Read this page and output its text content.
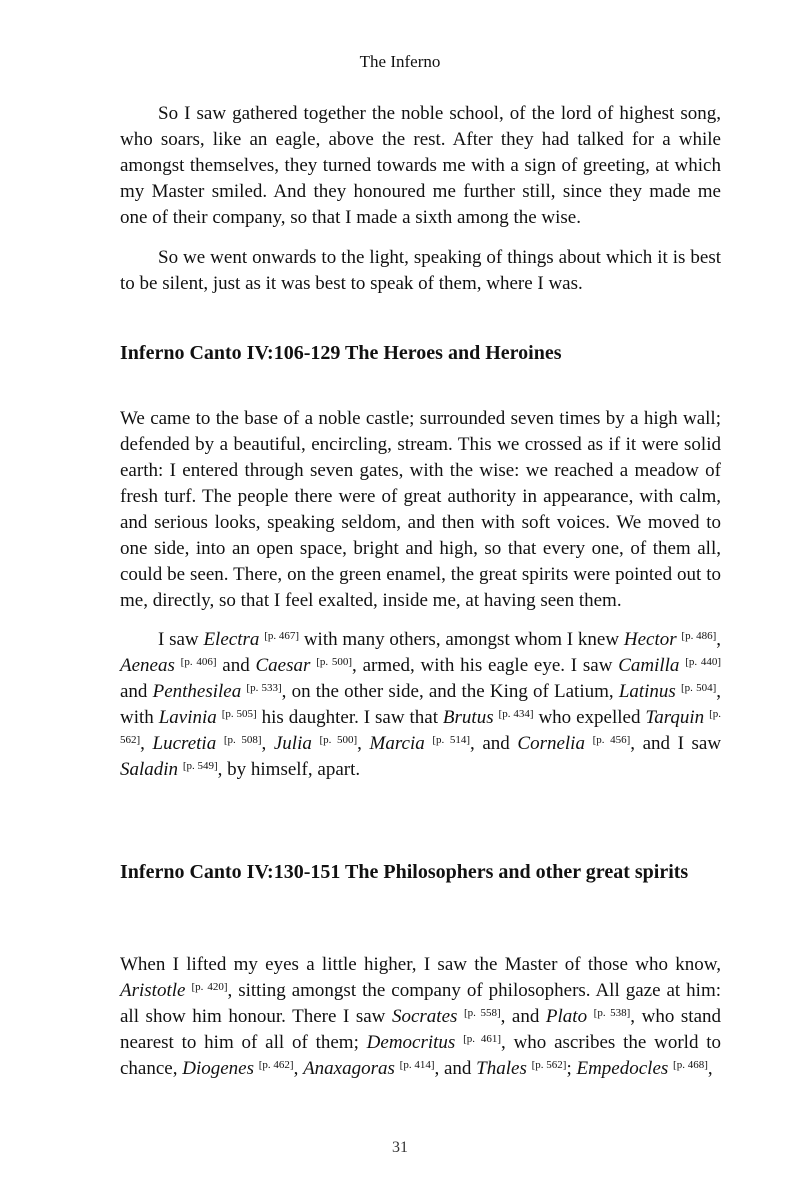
The Inferno

So I saw gathered together the noble school, of the lord of highest song, who soars, like an eagle, above the rest. After they had talked for a while amongst themselves, they turned towards me with a sign of greeting, at which my Master smiled. And they honoured me further still, since they made me one of their company, so that I made a sixth among the wise.

So we went onwards to the light, speaking of things about which it is best to be silent, just as it was best to speak of them, where I was.

Inferno Canto IV:106-129 The Heroes and Heroines

We came to the base of a noble castle; surrounded seven times by a high wall; defended by a beautiful, encircling, stream. This we crossed as if it were solid earth: I entered through seven gates, with the wise: we reached a meadow of fresh turf. The people there were of great authority in appearance, with calm, and serious looks, speaking seldom, and then with soft voices. We moved to one side, into an open space, bright and high, so that every one, of them all, could be seen. There, on the green enamel, the great spirits were pointed out to me, directly, so that I feel exalted, inside me, at having seen them.

I saw Electra [p. 467] with many others, amongst whom I knew Hector [p. 486], Aeneas [p. 406] and Caesar [p. 500], armed, with his eagle eye. I saw Camilla [p. 440] and Penthesilea [p. 533], on the other side, and the King of Latium, Latinus [p. 504], with Lavinia [p. 505] his daughter. I saw that Brutus [p. 434] who expelled Tarquin [p. 562], Lucretia [p. 508], Julia [p. 500], Marcia [p. 514], and Cornelia [p. 456], and I saw Saladin [p. 549], by himself, apart.

Inferno Canto IV:130-151 The Philosophers and other great spirits

When I lifted my eyes a little higher, I saw the Master of those who know, Aristotle [p. 420], sitting amongst the company of philosophers. All gaze at him: all show him honour. There I saw Socrates [p. 558], and Plato [p. 538], who stand nearest to him of all of them; Democritus [p. 461], who ascribes the world to chance, Diogenes [p. 462], Anaxagoras [p. 414], and Thales [p. 562]; Empedocles [p. 468],

31
